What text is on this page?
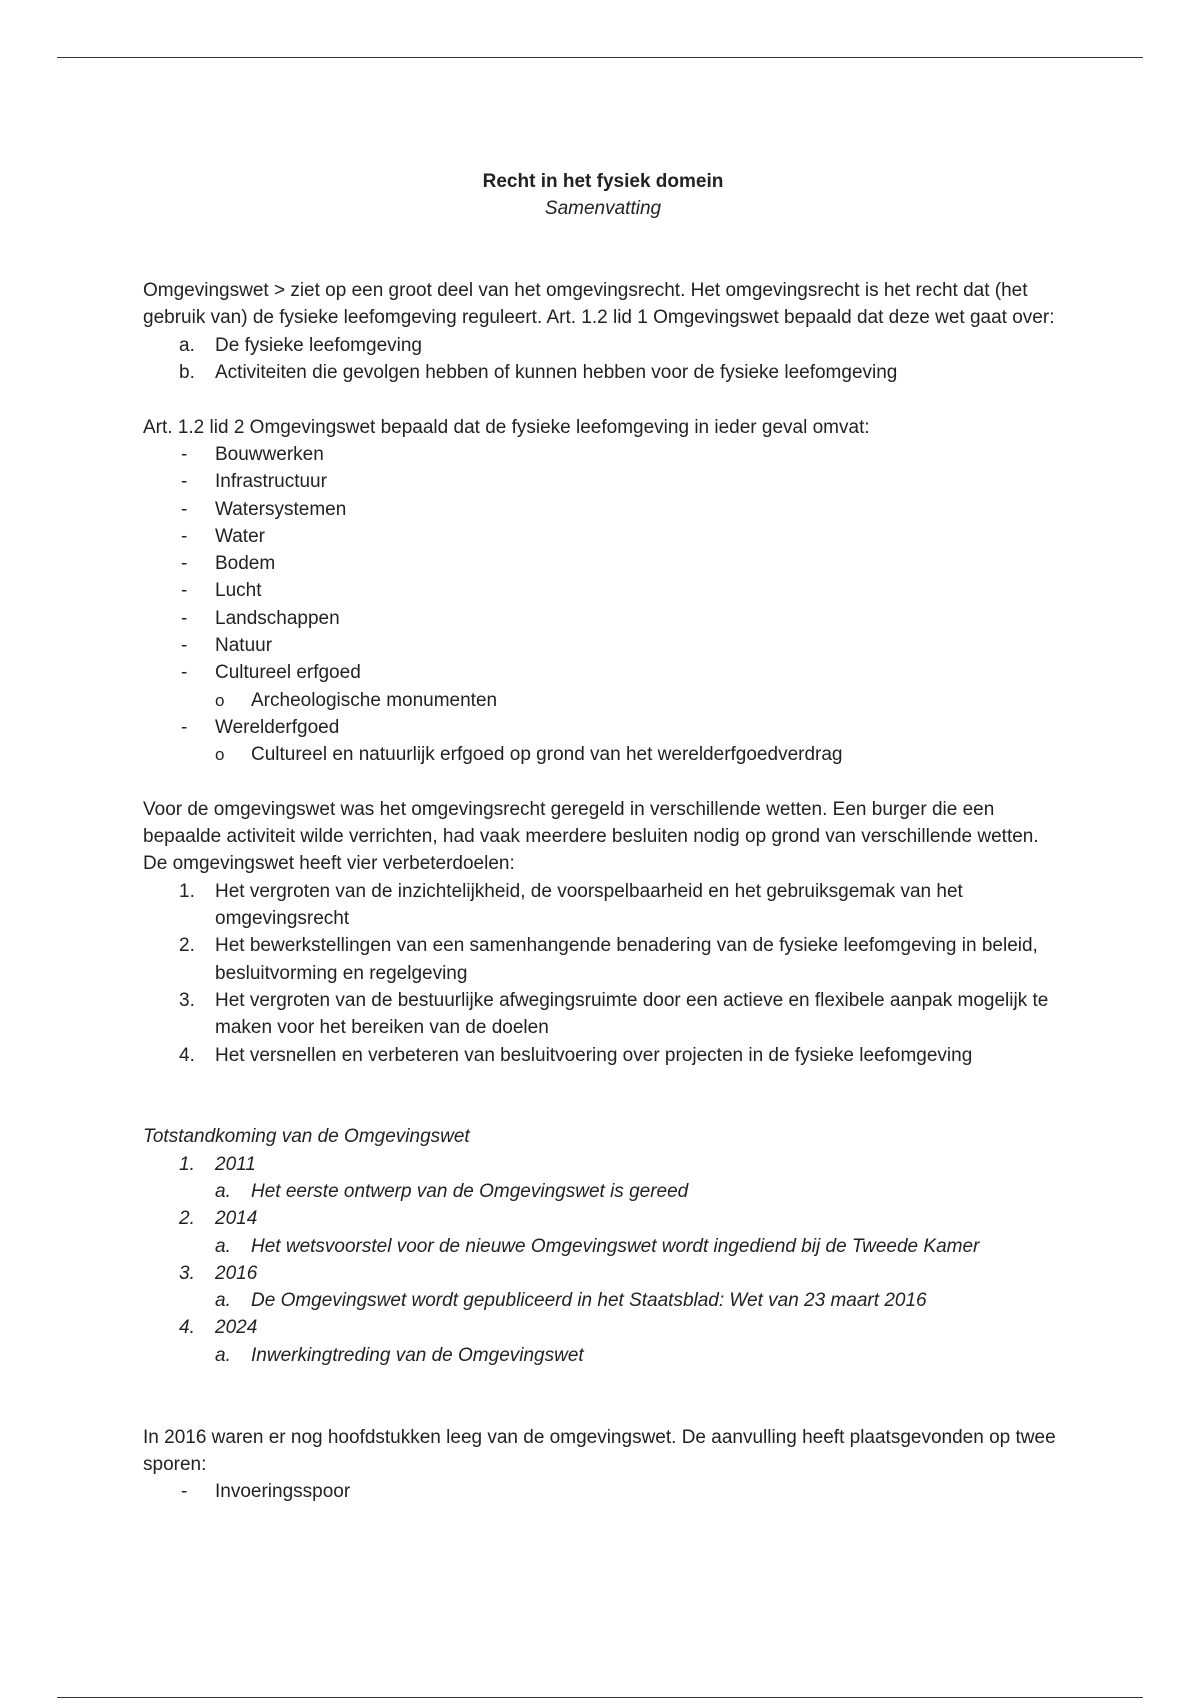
Recht in het fysiek domein

Samenvatting

Omgevingswet > ziet op een groot deel van het omgevingsrecht. Het omgevingsrecht is het recht dat (het gebruik van) de fysieke leefomgeving reguleert. Art. 1.2 lid 1 Omgevingswet bepaald dat deze wet gaat over:

a.	De fysieke leefomgeving
b.	Activiteiten die gevolgen hebben of kunnen hebben voor de fysieke leefomgeving

Art. 1.2 lid 2 Omgevingswet bepaald dat de fysieke leefomgeving in ieder geval omvat:

-	Bouwwerken
-	Infrastructuur
-	Watersystemen
-	Water
-	Bodem
-	Lucht
-	Landschappen
-	Natuur
-	Cultureel erfgoed
o	Archeologische monumenten
-	Werelderfgoed
o	Cultureel en natuurlijk erfgoed op grond van het werelderfgoedverdrag

Voor de omgevingswet was het omgevingsrecht geregeld in verschillende wetten. Een burger die een bepaalde activiteit wilde verrichten, had vaak meerdere besluiten nodig op grond van verschillende wetten. De omgevingswet heeft vier verbeterdoelen:

1.	Het vergroten van de inzichtelijkheid, de voorspelbaarheid en het gebruiksgemak van het omgevingsrecht
2.	Het bewerkstellingen van een samenhangende benadering van de fysieke leefomgeving in beleid, besluitvorming en regelgeving
3.	Het vergroten van de bestuurlijke afwegingsruimte door een actieve en flexibele aanpak mogelijk te maken voor het bereiken van de doelen
4.	Het versnellen en verbeteren van besluitvoering over projecten in de fysieke leefomgeving

Totstandkoming van de Omgevingswet

1.	2011
a.	Het eerste ontwerp van de Omgevingswet is gereed
2.	2014
a.	Het wetsvoorstel voor de nieuwe Omgevingswet wordt ingediend bij de Tweede Kamer
3.	2016
a.	De Omgevingswet wordt gepubliceerd in het Staatsblad: Wet van 23 maart 2016
4.	2024
a.	Inwerkingtreding van de Omgevingswet

In 2016 waren er nog hoofdstukken leeg van de omgevingswet. De aanvulling heeft plaatsgevonden op twee sporen:

-	Invoeringsspoor
